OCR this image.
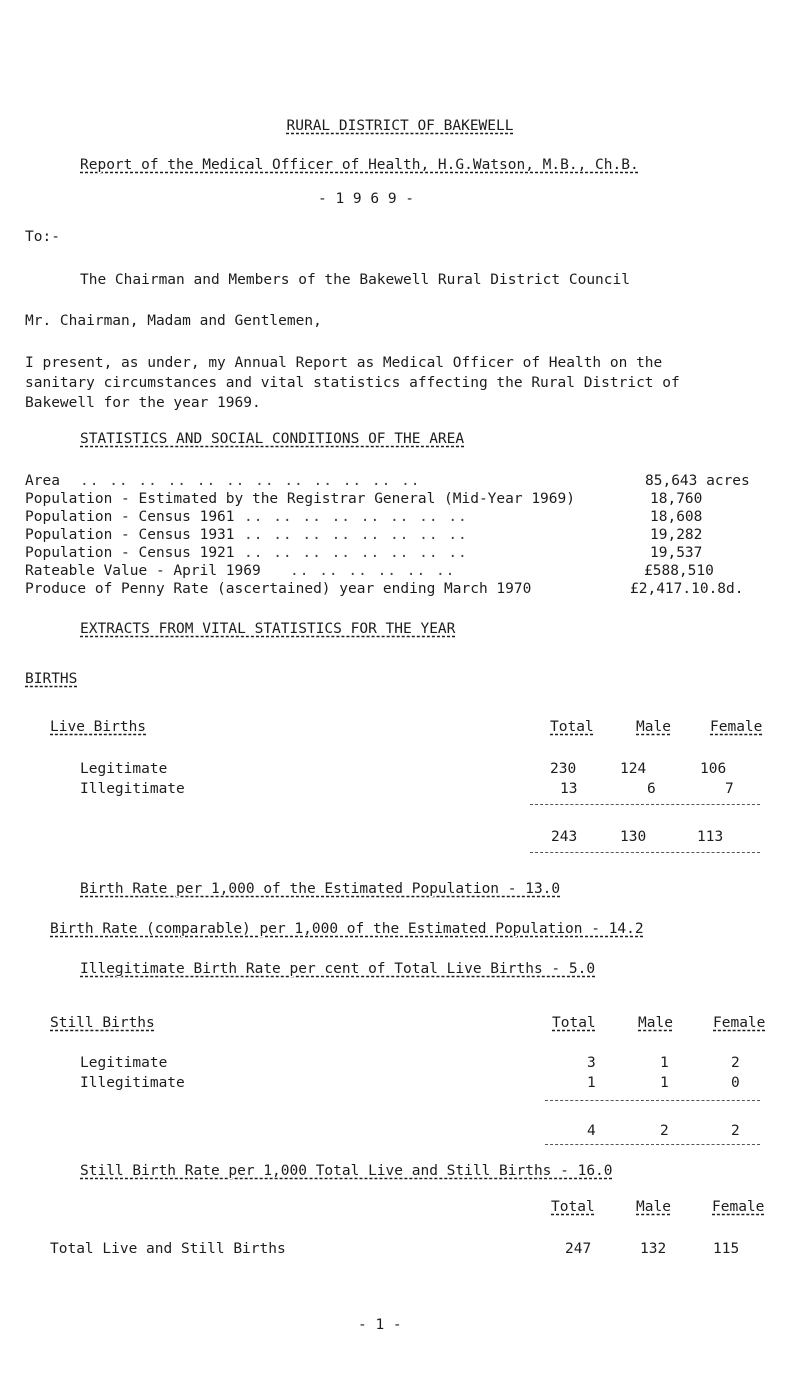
RURAL DISTRICT OF BAKEWELL
Report of the Medical Officer of Health, H.G.Watson, M.B., Ch.B.
- 1 9 6 9 -
To:-
The Chairman and Members of the Bakewell Rural District Council
Mr. Chairman, Madam and Gentlemen,
I present, as under, my Annual Report as Medical Officer of Health on the
sanitary circumstances and vital statistics affecting the Rural District of
Bakewell for the year 1969.
STATISTICS AND SOCIAL CONDITIONS OF THE AREA
Area .. .. .. .. .. .. .. .. .. .. .. ..	85,643 acres
Population - Estimated by the Registrar General (Mid-Year 1969)	18,760
Population - Census 1961 .. .. .. .. .. .. .. ..	18,608
Population - Census 1931 .. .. .. .. .. .. .. ..	19,282
Population - Census 1921 .. .. .. .. .. .. .. ..	19,537
Rateable Value - April 1969 .. .. .. .. .. ..	£588,510
Produce of Penny Rate (ascertained) year ending March 1970	£2,417.10.8d.
EXTRACTS FROM VITAL STATISTICS FOR THE YEAR
BIRTHS
Live Births	Total	Male	Female
Legitimate	230	124	106
Illegitimate	13	6	7
243	130	113
Birth Rate per 1,000 of the Estimated Population - 13.0
Birth Rate (comparable) per 1,000 of the Estimated Population - 14.2
Illegitimate Birth Rate per cent of Total Live Births - 5.0
Still Births	Total	Male	Female
Legitimate	3	1	2
Illegitimate	1	1	0
4	2	2
Still Birth Rate per 1,000 Total Live and Still Births - 16.0
Total	Male	Female
Total Live and Still Births	247	132	115
- 1 -
